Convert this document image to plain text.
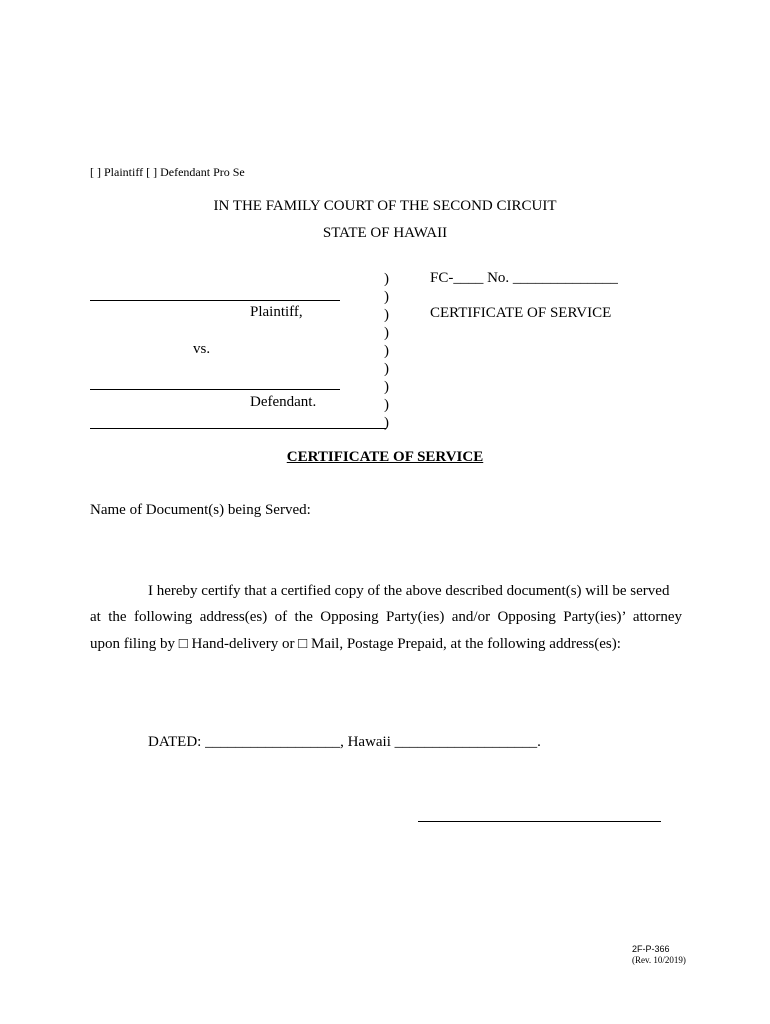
[ ] Plaintiff [ ] Defendant Pro Se
IN THE FAMILY COURT OF THE SECOND CIRCUIT
STATE OF HAWAII
Plaintiff,
vs.
Defendant.
)
)
)
)
)
)
)
)
)
FC-____ No. ______________
CERTIFICATE OF SERVICE
CERTIFICATE OF SERVICE
Name of Document(s) being Served:
I hereby certify that a certified copy of the above described document(s) will be served
at the following address(es) of the Opposing Party(ies) and/or Opposing Party(ies)’ attorney
upon filing by □ Hand-delivery or □ Mail, Postage Prepaid, at the following address(es):
DATED: __________________, Hawaii ___________________.
2F-P-366
(Rev. 10/2019)
